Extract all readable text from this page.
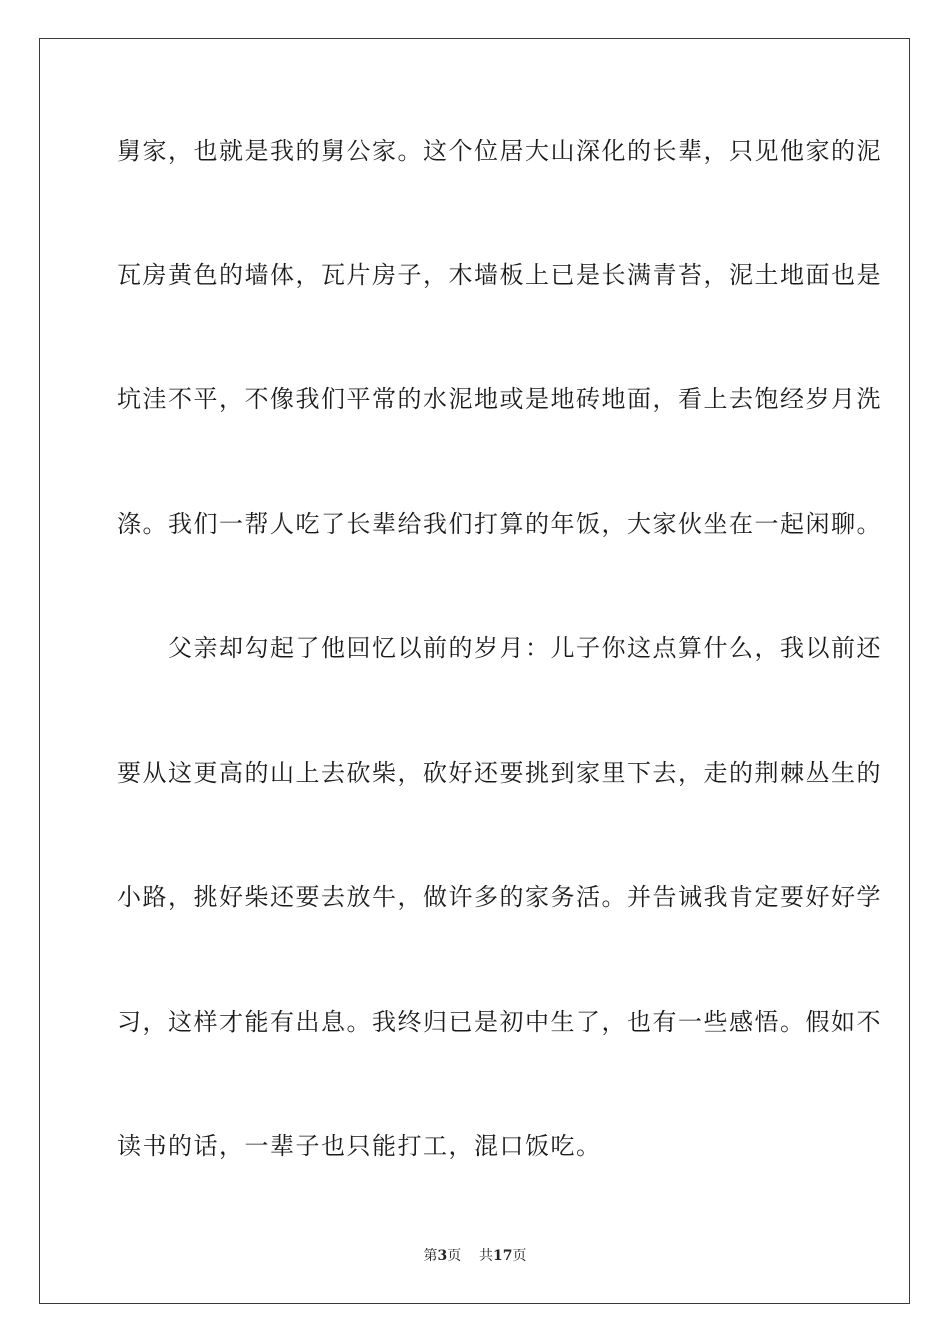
舅家，也就是我的舅公家。这个位居大山深化的长辈，只见他家的泥
瓦房黄色的墙体，瓦片房子，木墙板上已是长满青苔，泥土地面也是
坑洼不平，不像我们平常的水泥地或是地砖地面，看上去饱经岁月洗
涤。我们一帮人吃了长辈给我们打算的年饭，大家伙坐在一起闲聊。
　　父亲却勾起了他回忆以前的岁月：儿子你这点算什么，我以前还
要从这更高的山上去砍柴，砍好还要挑到家里下去，走的荆棘丛生的
小路，挑好柴还要去放牛，做许多的家务活。并告诫我肯定要好好学
习，这样才能有出息。我终归已是初中生了，也有一些感悟。假如不
读书的话，一辈子也只能打工，混口饭吃。
第3页 共17页
